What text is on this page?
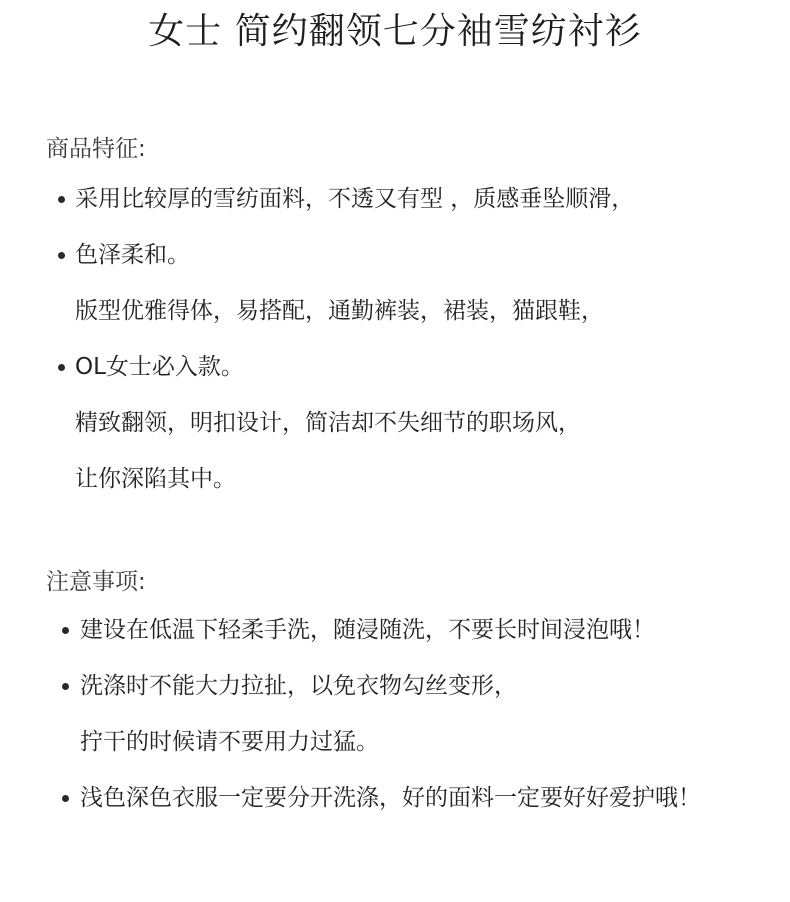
女士 简约翻领七分袖雪纺衬衫
商品特征:
采用比较厚的雪纺面料，不透又有型 ，质感垂坠顺滑，
色泽柔和。
版型优雅得体，易搭配，通勤裤装，裙装，猫跟鞋，
OL女士必入款。
精致翻领，明扣设计，简洁却不失细节的职场风，
让你深陷其中。
注意事项:
建设在低温下轻柔手洗，随浸随洗，不要长时间浸泡哦！
洗涤时不能大力拉扯，以免衣物勾丝变形，
拧干的时候请不要用力过猛。
浅色深色衣服一定要分开洗涤，好的面料一定要好好爱护哦！
